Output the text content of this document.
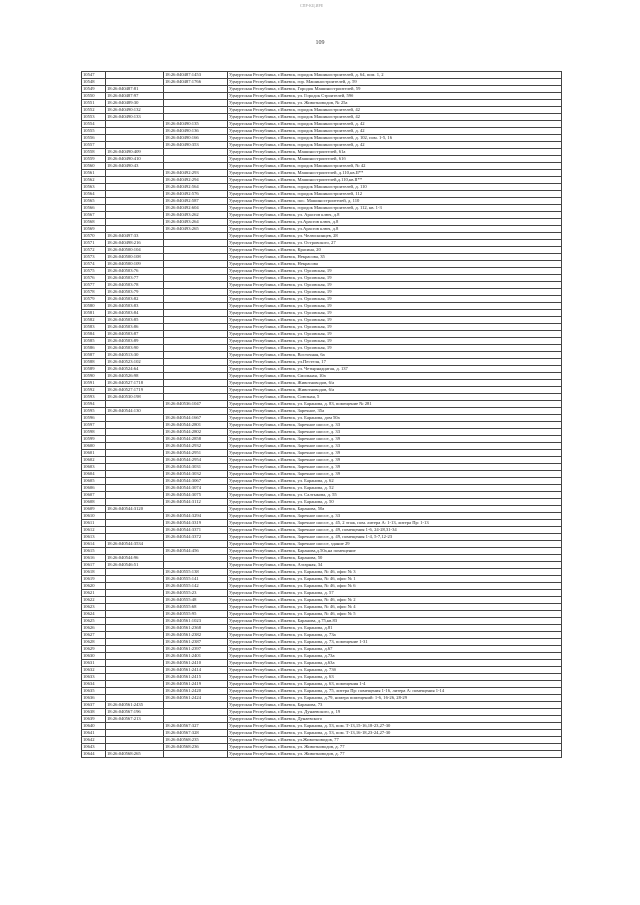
СПР-КЦ.ИРЕ
109
10547		18:26:040487:1453	Удмуртская Республика, г.Ижевск, городок Машиностроителей, д. 64, пом. 1, 2
10548		18:26:040487:1766	Удмуртская Республика, г.Ижевск, гор. Машиностроителей, д. 59
10549	18:26:040487:81		Удмуртская Республика, г.Ижевск, Городок Машиностроителей, 59
10550	18:26:040487:97		Удмуртская Республика, г.Ижевск, ул. Городок Строителей, 59б
10551	18:26:040489:30		Удмуртская Республика, г.Ижевск, ул. Животноводов, № 25а
10552	18:26:040490:132		Удмуртская Республика, г.Ижевск, городок Машиностроителей, 42
10553	18:26:040490:133		Удмуртская Республика, г.Ижевск, городок Машиностроителей, 42
10554		18:26:040490:135	Удмуртская Республика, г.Ижевск, городок Машиностроителей, д. 42
10555		18:26:040490:136	Удмуртская Республика, г.Ижевск, городок Машиностроителей, д. 42
10556		18:26:040490:166	Удмуртская Республика, г.Ижевск, городок Машиностроителей, д. 102, пом. 1-5, 16
10557		18:26:040490:353	Удмуртская Республика, г.Ижевск, городок Машиностроителей, д. 42
10558	18:26:040490:409		Удмуртская Республика, г.Ижевск, Машиностроителей, 61а
10559	18:26:040490:410		Удмуртская Республика, г.Ижевск, Машиностроителей, 61б
10560	18:26:040490:43		Удмуртская Республика, г.Ижевск, городок Машиностроителей, № 42
10561		18:26:040492:293	Удмуртская Республика, г.Ижевск, Машиностроителей, д.110,кв.II**
10562		18:26:040492:294	Удмуртская Республика, г.Ижевск, Машиностроителей,д.110,кв.II**
10563		18:26:040492:564	Удмуртская Республика, г.Ижевск, городок Машиностроителей, д. 110
10564		18:26:040492:576	Удмуртская Республика, г.Ижевск, городок Машиностроителей, 112
10565		18:26:040492:587	Удмуртская Республика, г.Ижевск, пос. Машиностроителей, д. 110
10566		18:26:040492:604	Удмуртская Республика, г.Ижевск, городок Машиностроителей, д. 112, кв. 1-3
10567		18:26:040493:262	Удмуртская Республика, г.Ижевск, ул. Арасгов ключ, д.8
10568		18:26:040493:264	Удмуртская Республика, г.Ижевск, ул.Арасгов ключ, д.8
10569		18:26:040493:265	Удмуртская Республика, г.Ижевск, ул.Арасгов ключ, д.8
10570	18:26:040497:33		Удмуртская Республика, г.Ижевск, ул. Челюскинцев, 28
10571	18:26:040498:216		Удмуртская Республика, г.Ижевск, ул. Островского, 27
10572	18:26:040500:104		Удмуртская Республика, г.Ижевск, Красина, 20
10573	18:26:040500:108		Удмуртская Республика, г.Ижевск, Некрасова, 35
10574	18:26:040500:109		Удмуртская Республика, г.Ижевск, Некрасова
10575	18:26:040503:76		Удмуртская Республика, г.Ижевск, ул. Орсовская, 19
10576	18:26:040503:77		Удмуртская Республика, г.Ижевск, ул. Орсовская, 19
10577	18:26:040503:78		Удмуртская Республика, г.Ижевск, ул. Орсовская, 19
10578	18:26:040503:79		Удмуртская Республика, г.Ижевск, ул. Орсовская, 19
10579	18:26:040503:82		Удмуртская Республика, г.Ижевск, ул. Орсовская, 19
10580	18:26:040503:83		Удмуртская Республика, г.Ижевск, ул. Орсовская, 19
10581	18:26:040503:84		Удмуртская Республика, г.Ижевск, ул. Орсовская, 19
10582	18:26:040503:85		Удмуртская Республика, г.Ижевск, ул. Орсовская, 19
10583	18:26:040503:86		Удмуртская Республика, г.Ижевск, ул. Орсовская, 19
10584	18:26:040503:87		Удмуртская Республика, г.Ижевск, ул. Орсовская, 19
10585	18:26:040503:89		Удмуртская Республика, г.Ижевск, ул. Орсовская, 19
10586	18:26:040503:90		Удмуртская Республика, г.Ижевск, ул. Орсовская, 19
10587	18:26:040513:30		Удмуртская Республика, г.Ижевск, Восточная, 6а
10588	18:26:040523:102		Удмуртская Республика, г.Ижевск, ул.Пестеля, 17
10589	18:26:040524:64		Удмуртская Республика, г.Ижевск, ул. Четырнадцатая, д. 137
10590	18:26:040526:98		Удмуртская Республика, г.Ижевск, Смольная, 10а
10591	18:26:040527:1718		Удмуртская Республика, г.Ижевск, Животноводов, 6/а
10592	18:26:040527:1719		Удмуртская Республика, г.Ижевск, Животноводов, 6/а
10593	18:26:040530:198		Удмуртская Республика, г.Ижевск, Союзная, 5
10594		18:26:040536:1047	Удмуртская Республика, г.Ижевск, ул. Баранова, д. 83, помещение № 281
10595	18:26:040544:130		Удмуртская Республика, г.Ижевск, Заречное, 35а
10596		18:26:040544:1667	Удмуртская Республика, г.Ижевск, ул. Баранова, дом 50а
10597		18:26:040544:2801	Удмуртская Республика, г.Ижевск, Заречное шоссе, д. 33
10598		18:26:040544:2802	Удмуртская Республика, г.Ижевск, Заречное шоссе, д. 33
10599		18:26:040544:2858	Удмуртская Республика, г.Ижевск, Заречное шоссе, д. 39
10600		18:26:040544:2932	Удмуртская Республика, г.Ижевск, Заречное шоссе, д. 33
10601		18:26:040544:2951	Удмуртская Республика, г.Ижевск, Заречное шоссе, д. 39
10602		18:26:040544:2954	Удмуртская Республика, г.Ижевск, Заречное шоссе, д. 39
10603		18:26:040544:3031	Удмуртская Республика, г.Ижевск, Заречное шоссе, д. 39
10604		18:26:040544:3032	Удмуртская Республика, г.Ижевск, Заречное шоссе, д. 39
10605		18:26:040544:3067	Удмуртская Республика, г.Ижевск, ул. Баранова, д. 62
10606		18:26:040544:3074	Удмуртская Республика, г.Ижевск, ул. Баранова, д. 52
10607		18:26:040544:3075	Удмуртская Республика, г.Ижевск, ул. Салтыкова, д. 55
10608		18:26:040544:3112	Удмуртская Республика, г.Ижевск, ул. Баранова, д. 50
10609	18:26:040544:3120		Удмуртская Республика, г.Ижевск, Баранова, 50а
10610		18:26:040544:3294	Удмуртская Республика, г.Ижевск, Заречное шоссе, д. 33
10611		18:26:040544:3319	Удмуртская Республика, г.Ижевск, Заречное шоссе, д. 45, 2 этаж, пом. литера А: 1-13, литера Пр: 1-13
10612		18:26:040544:3371	Удмуртская Республика, г.Ижевск, Заречное шоссе, д. 49, помещения 1-6, 24-28,31-34
10613		18:26:040544:3372	Удмуртская Республика, г.Ижевск, Заречное шоссе, д. 49, помещения 1-4, 5-7,12-23
10614	18:26:040544:3534		Удмуртская Республика, г.Ижевск, Заречное шоссе, здание 29
10615		18:26:040544:456	Удмуртская Республика, г.Ижевск, Баранова,д.50а,на помещение
10616	18:26:040544:96		Удмуртская Республика, г.Ижевск, Баранова, 50
10617	18:26:040546:51		Удмуртская Республика, г.Ижевск, Азгарная, 34
10618		18:26:040555:138	Удмуртская Республика, г.Ижевск, ул. Баранова, № 46, офис № 3
10619		18:26:040555:141	Удмуртская Республика, г.Ижевск, ул. Баранова, № 46, офис № 1
10620		18:26:040555:142	Удмуртская Республика, г.Ижевск, ул. Баранова, № 46, офис № 6
10621		18:26:040555:23	Удмуртская Республика, г.Ижевск, ул. Баранова, д. 57
10622		18:26:040555:48	Удмуртская Республика, г.Ижевск, ул. Баранова, № 46, офис № 2
10623		18:26:040555:68	Удмуртская Республика, г.Ижевск, ул. Баранова, № 46, офис № 4
10624		18:26:040555:95	Удмуртская Республика, г.Ижевск, ул. Баранова, № 46, офис № 5
10625		18:26:040561:1023	Удмуртская Республика, г.Ижевск, Баранова, д.75,кв.83
10626		18:26:040561:2368	Удмуртская Республика, г.Ижевск, ул. Баранова, д.81
10627		18:26:040561:2382	Удмуртская Республика, г.Ижевск, ул. Баранова, д. 73а
10628		18:26:040561:2387	Удмуртская Республика, г.Ижевск, ул. Баранова, д. 73, помещение 1-31
10629		18:26:040561:2397	Удмуртская Республика, г.Ижевск, ул. Баранова, д.67
10630		18:26:040561:2401	Удмуртская Республика, г.Ижевск, ул. Баранова, д.73а
10631		18:26:040561:2410	Удмуртская Республика, г.Ижевск, ул. Баранова, д.63а
10632		18:26:040561:2414	Удмуртская Республика, г.Ижевск, ул. Баранова, д. 73б
10633		18:26:040561:2415	Удмуртская Республика, г.Ижевск, ул. Баранова, д. 63
10634		18:26:040561:2419	Удмуртская Республика, г.Ижевск, ул. Баранова, д. 63, помещения 1-4
10635		18:26:040561:2420	Удмуртская Республика, г.Ижевск, ул. Баранова, д. 75, литера Пр: помещения 1-16, литера А: помещения 1-14
10636		18:26:040561:2424	Удмуртская Республика, г.Ижевск, ул. Баранова, д.79, номера помещений: 1-6, 16-26, 28-29
10637	18:26:040561:2435		Удмуртская Республика, г.Ижевск, Баранова, 73
10638	18:26:040567:196		Удмуртская Республика, г.Ижевск, ул. Дунаевского, д. 19
10639	18:26:040567:213		Удмуртская Республика, г.Ижевск, Дунаевского
10640		18:26:040567:327	Удмуртская Республика, г.Ижевск, ул. Баранова, д. 53, пом. Т-13,15-16,18-23,27-30
10641		18:26:040567:328	Удмуртская Республика, г.Ижевск, ул. Баранова, д. 53, пом. Т-13,16-18,23-24,27-30
10642		18:26:040568:235	Удмуртская Республика, г.Ижевск, ул.Животноводов, 77
10643		18:26:040568:236	Удмуртская Республика, г.Ижевск, ул. Животноводов, д. 77
10644	18:26:040568:265		Удмуртская Республика, г.Ижевск, ул. Животноводов, д. 77
